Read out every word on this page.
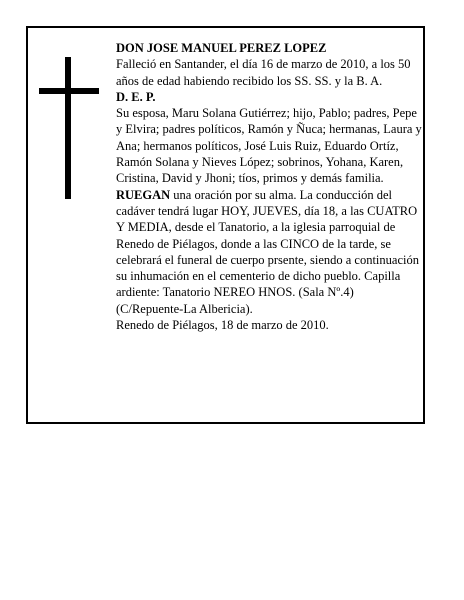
DON JOSE MANUEL PEREZ LOPEZ

Falleció en Santander, el día 16 de marzo de 2010, a los 50 años de edad habiendo recibido los SS. SS. y la B. A.

D. E. P.

Su esposa, Maru Solana Gutiérrez; hijo, Pablo; padres, Pepe y Elvira; padres políticos, Ramón y Ñuca; hermanas, Laura y Ana; hermanos políticos, José Luis Ruiz, Eduardo Ortíz, Ramón Solana y Nieves López; sobrinos, Yohana, Karen, Cristina, David y Jhoni; tíos, primos y demás familia.

RUEGAN una oración por su alma. La conducción del cadáver tendrá lugar HOY, JUEVES, día 18, a las CUATRO Y MEDIA, desde el Tanatorio, a la iglesia parroquial de Renedo de Piélagos, donde a las CINCO de la tarde, se celebrará el funeral de cuerpo prsente, siendo a continuación su inhumación en el cementerio de dicho pueblo. Capilla ardiente: Tanatorio NEREO HNOS. (Sala Nº.4) (C/Repuente-La Albericia).

Renedo de Piélagos, 18 de marzo de 2010.
